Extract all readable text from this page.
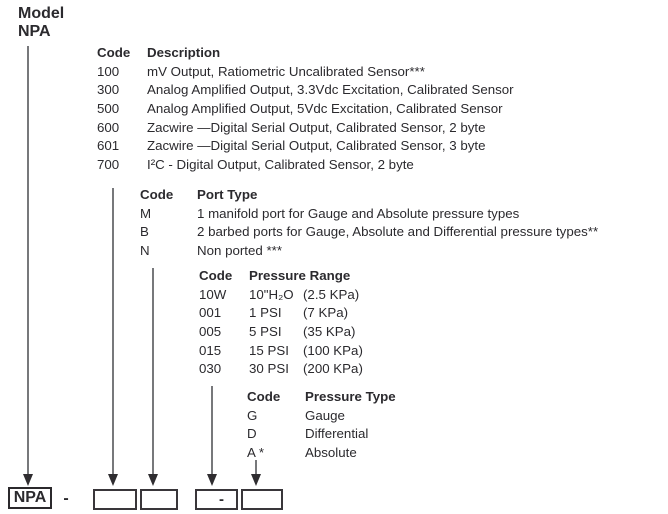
Model
NPA
Code Description
100 mV Output, Ratiometric Uncalibrated Sensor***
300 Analog Amplified Output, 3.3Vdc Excitation, Calibrated Sensor
500 Analog Amplified Output, 5Vdc Excitation, Calibrated Sensor
600 Zacwire —Digital Serial Output, Calibrated Sensor, 2 byte
601 Zacwire —Digital Serial Output, Calibrated Sensor, 3 byte
700 I²C - Digital Output, Calibrated Sensor, 2 byte
Code Port Type
M	1 manifold port for Gauge and Absolute pressure types
B	2 barbed ports for Gauge, Absolute and Differential pressure types**
N	Non ported ***
Code Pressure Range
10W 10"H₂O (2.5 KPa)
001 1 PSI (7 KPa)
005 5 PSI (35 KPa)
015 15 PSI (100 KPa)
030 30 PSI (200 KPa)
Code Pressure Type
G	Gauge
D	Differential
A *	Absolute
NPA	-	-
